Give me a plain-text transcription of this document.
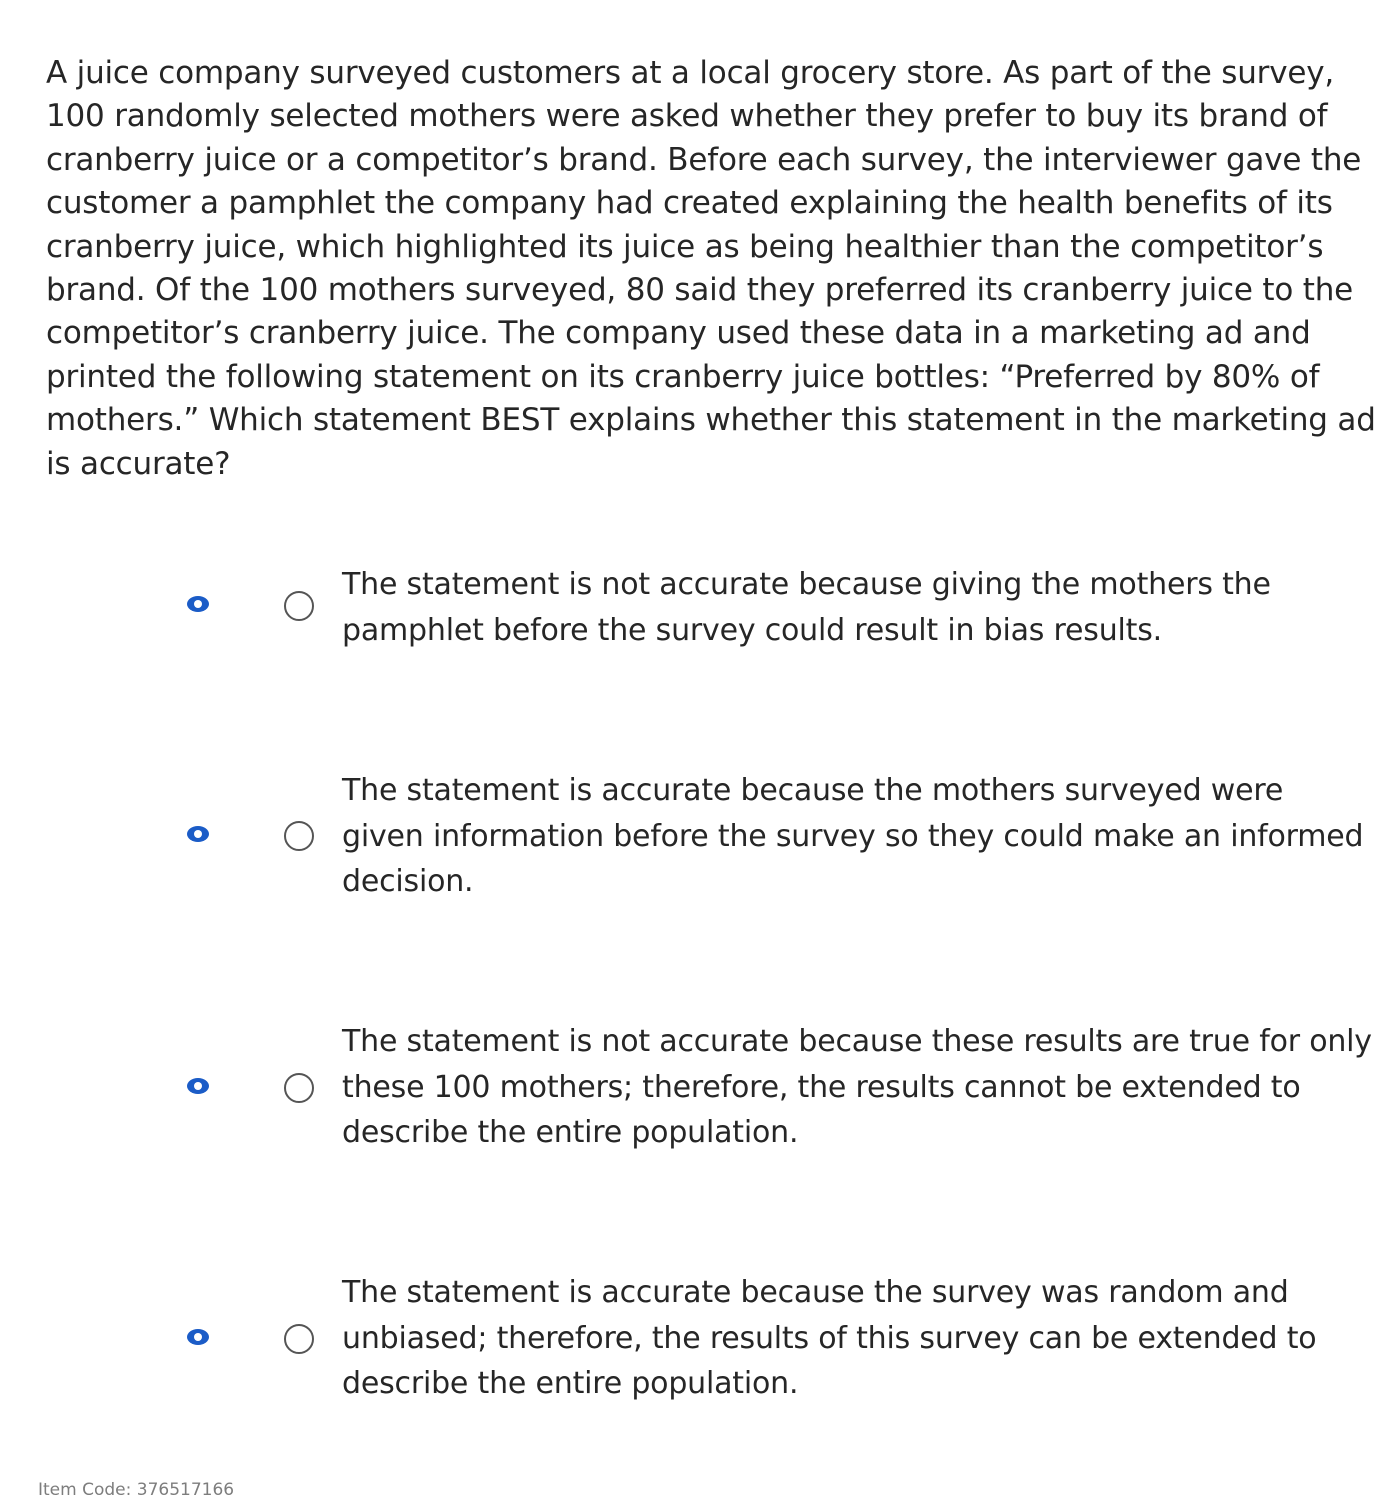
A juice company surveyed customers at a local grocery store. As part of the survey, 100 randomly selected mothers were asked whether they prefer to buy its brand of cranberry juice or a competitor’s brand. Before each survey, the interviewer gave the customer a pamphlet the company had created explaining the health benefits of its cranberry juice, which highlighted its juice as being healthier than the competitor’s brand. Of the 100 mothers surveyed, 80 said they preferred its cranberry juice to the competitor’s cranberry juice. The company used these data in a marketing ad and printed the following statement on its cranberry juice bottles: “Preferred by 80% of mothers.” Which statement BEST explains whether this statement in the marketing ad is accurate?

The statement is not accurate because giving the mothers the pamphlet before the survey could result in bias results.
The statement is accurate because the mothers surveyed were given information before the survey so they could make an informed decision.
The statement is not accurate because these results are true for only these 100 mothers; therefore, the results cannot be extended to describe the entire population.
The statement is accurate because the survey was random and unbiased; therefore, the results of this survey can be extended to describe the entire population.
Item Code: 376517166
